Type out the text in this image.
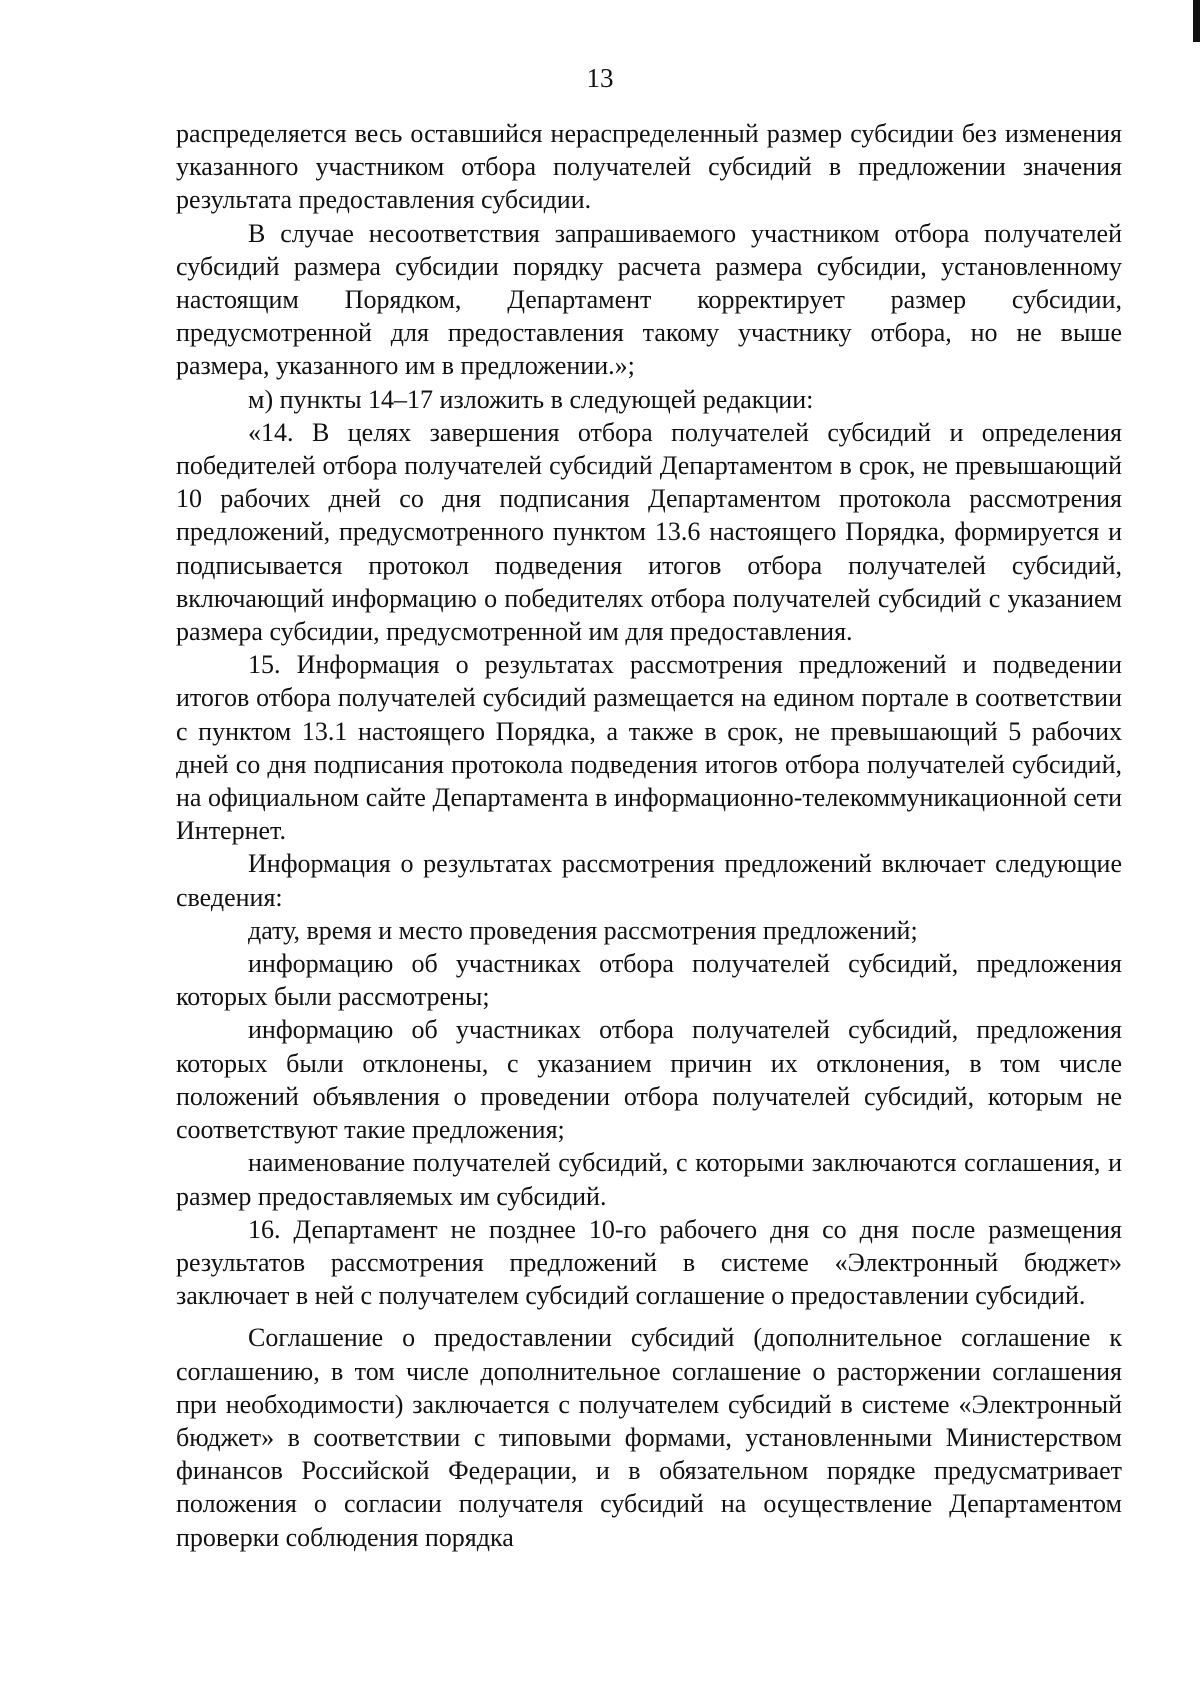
13

распределяется весь оставшийся нераспределенный размер субсидии без изменения указанного участником отбора получателей субсидий в предложении значения результата предоставления субсидии.

В случае несоответствия запрашиваемого участником отбора получателей субсидий размера субсидии порядку расчета размера субсидии, установленному настоящим Порядком, Департамент корректирует размер субсидии, предусмотренной для предоставления такому участнику отбора, но не выше размера, указанного им в предложении.»;

м) пункты 14–17 изложить в следующей редакции:

«14. В целях завершения отбора получателей субсидий и определения победителей отбора получателей субсидий Департаментом в срок, не превышающий 10 рабочих дней со дня подписания Департаментом протокола рассмотрения предложений, предусмотренного пунктом 13.6 настоящего Порядка, формируется и подписывается протокол подведения итогов отбора получателей субсидий, включающий информацию о победителях отбора получателей субсидий с указанием размера субсидии, предусмотренной им для предоставления.

15. Информация о результатах рассмотрения предложений и подведении итогов отбора получателей субсидий размещается на едином портале в соответствии с пунктом 13.1 настоящего Порядка, а также в срок, не превышающий 5 рабочих дней со дня подписания протокола подведения итогов отбора получателей субсидий, на официальном сайте Департамента в информационно-телекоммуникационной сети Интернет.

Информация о результатах рассмотрения предложений включает следующие сведения:

дату, время и место проведения рассмотрения предложений;

информацию об участниках отбора получателей субсидий, предложения которых были рассмотрены;

информацию об участниках отбора получателей субсидий, предложения которых были отклонены, с указанием причин их отклонения, в том числе положений объявления о проведении отбора получателей субсидий, которым не соответствуют такие предложения;

наименование получателей субсидий, с которыми заключаются соглашения, и размер предоставляемых им субсидий.

16. Департамент не позднее 10-го рабочего дня со дня после размещения результатов рассмотрения предложений в системе «Электронный бюджет» заключает в ней с получателем субсидий соглашение о предоставлении субсидий.

Соглашение о предоставлении субсидий (дополнительное соглашение к соглашению, в том числе дополнительное соглашение о расторжении соглашения при необходимости) заключается с получателем субсидий в системе «Электронный бюджет» в соответствии с типовыми формами, установленными Министерством финансов Российской Федерации, и в обязательном порядке предусматривает положения о согласии получателя субсидий на осуществление Департаментом проверки соблюдения порядка
